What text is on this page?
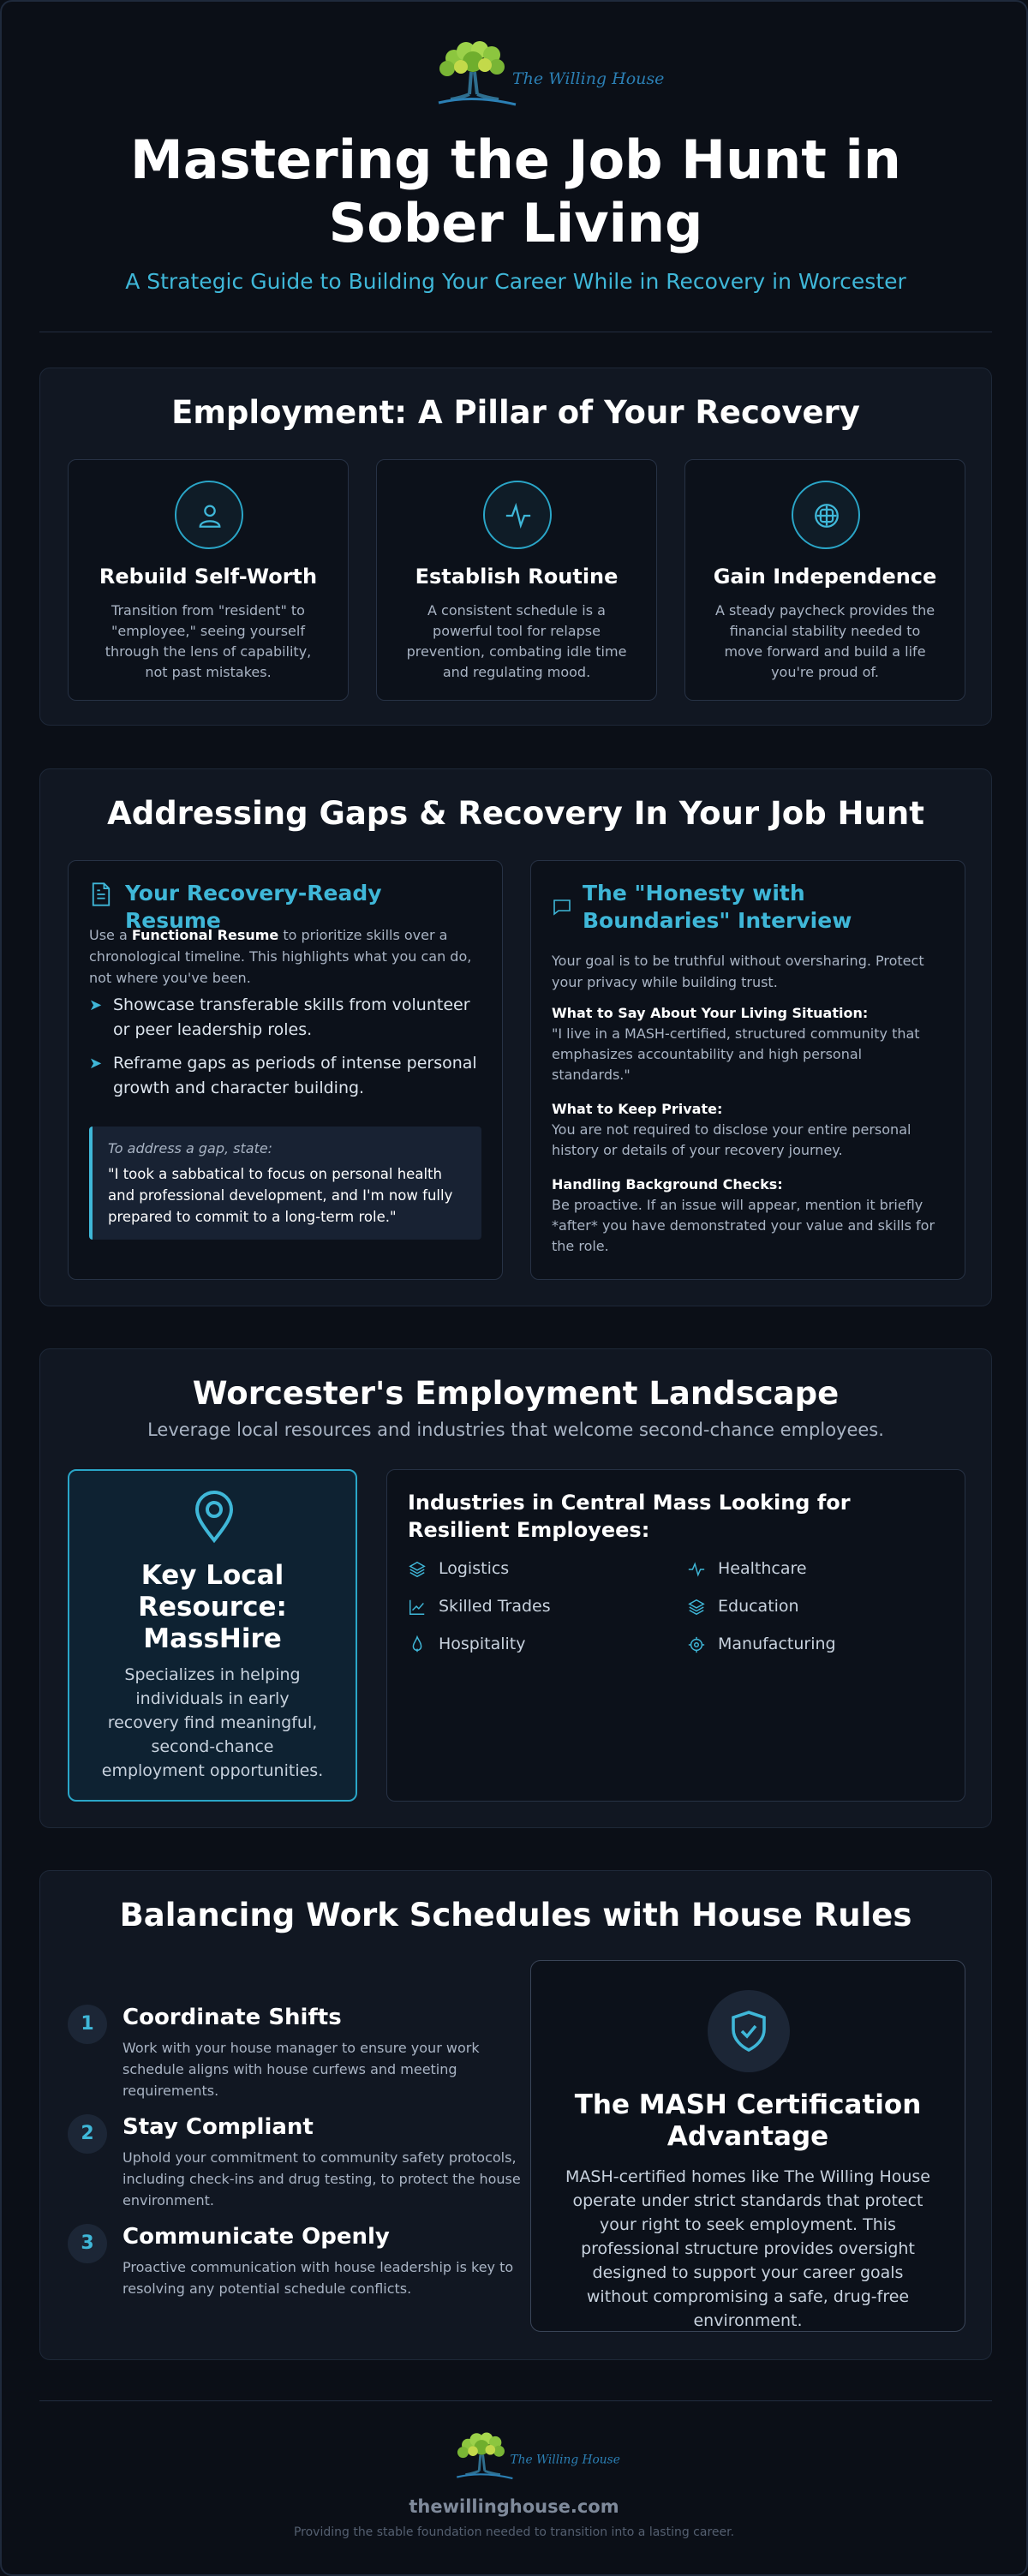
The Willing House
Mastering the Job Hunt in Sober Living
A Strategic Guide to Building Your Career While in Recovery in Worcester
Employment: A Pillar of Your Recovery
Rebuild Self-Worth

Transition from "resident" to "employee," seeing yourself through the lens of capability, not past mistakes.

Establish Routine

A consistent schedule is a powerful tool for relapse prevention, combating idle time and regulating mood.

Gain Independence

A steady paycheck provides the financial stability needed to move forward and build a life you're proud of.

Addressing Gaps & Recovery In Your Job Hunt
Your Recovery-Ready Resume
Use a Functional Resume to prioritize skills over a chronological timeline. This highlights what you can do, not where you've been.
➤ Showcase transferable skills from volunteer or peer leadership roles.
➤ Reframe gaps as periods of intense personal growth and character building.
To address a gap, state:
"I took a sabbatical to focus on personal health and professional development, and I'm now fully prepared to commit to a long-term role."
The "Honesty with Boundaries" Interview
Your goal is to be truthful without oversharing. Protect your privacy while building trust.
What to Say About Your Living Situation:
"I live in a MASH-certified, structured community that emphasizes accountability and high personal standards."
What to Keep Private:
You are not required to disclose your entire personal history or details of your recovery journey.
Handling Background Checks:
Be proactive. If an issue will appear, mention it briefly *after* you have demonstrated your value and skills for the role.
Worcester's Employment Landscape
Leverage local resources and industries that welcome second-chance employees.
Key Local Resource: MassHire

Specializes in helping individuals in early recovery find meaningful, second-chance employment opportunities.

Industries in Central Mass Looking for Resilient Employees:
Logistics	Healthcare
Skilled Trades	Education
Hospitality	Manufacturing
Balancing Work Schedules with House Rules
1	Coordinate Shifts

Work with your house manager to ensure your work schedule aligns with house curfews and meeting requirements.

2	Stay Compliant

Uphold your commitment to community safety protocols, including check-ins and drug testing, to protect the house environment.

3	Communicate Openly

Proactive communication with house leadership is key to resolving any potential schedule conflicts.

The MASH Certification Advantage

MASH-certified homes like The Willing House operate under strict standards that protect your right to seek employment. This professional structure provides oversight designed to support your career goals without compromising a safe, drug-free environment.

The Willing House
thewillinghouse.com
Providing the stable foundation needed to transition into a lasting career.
